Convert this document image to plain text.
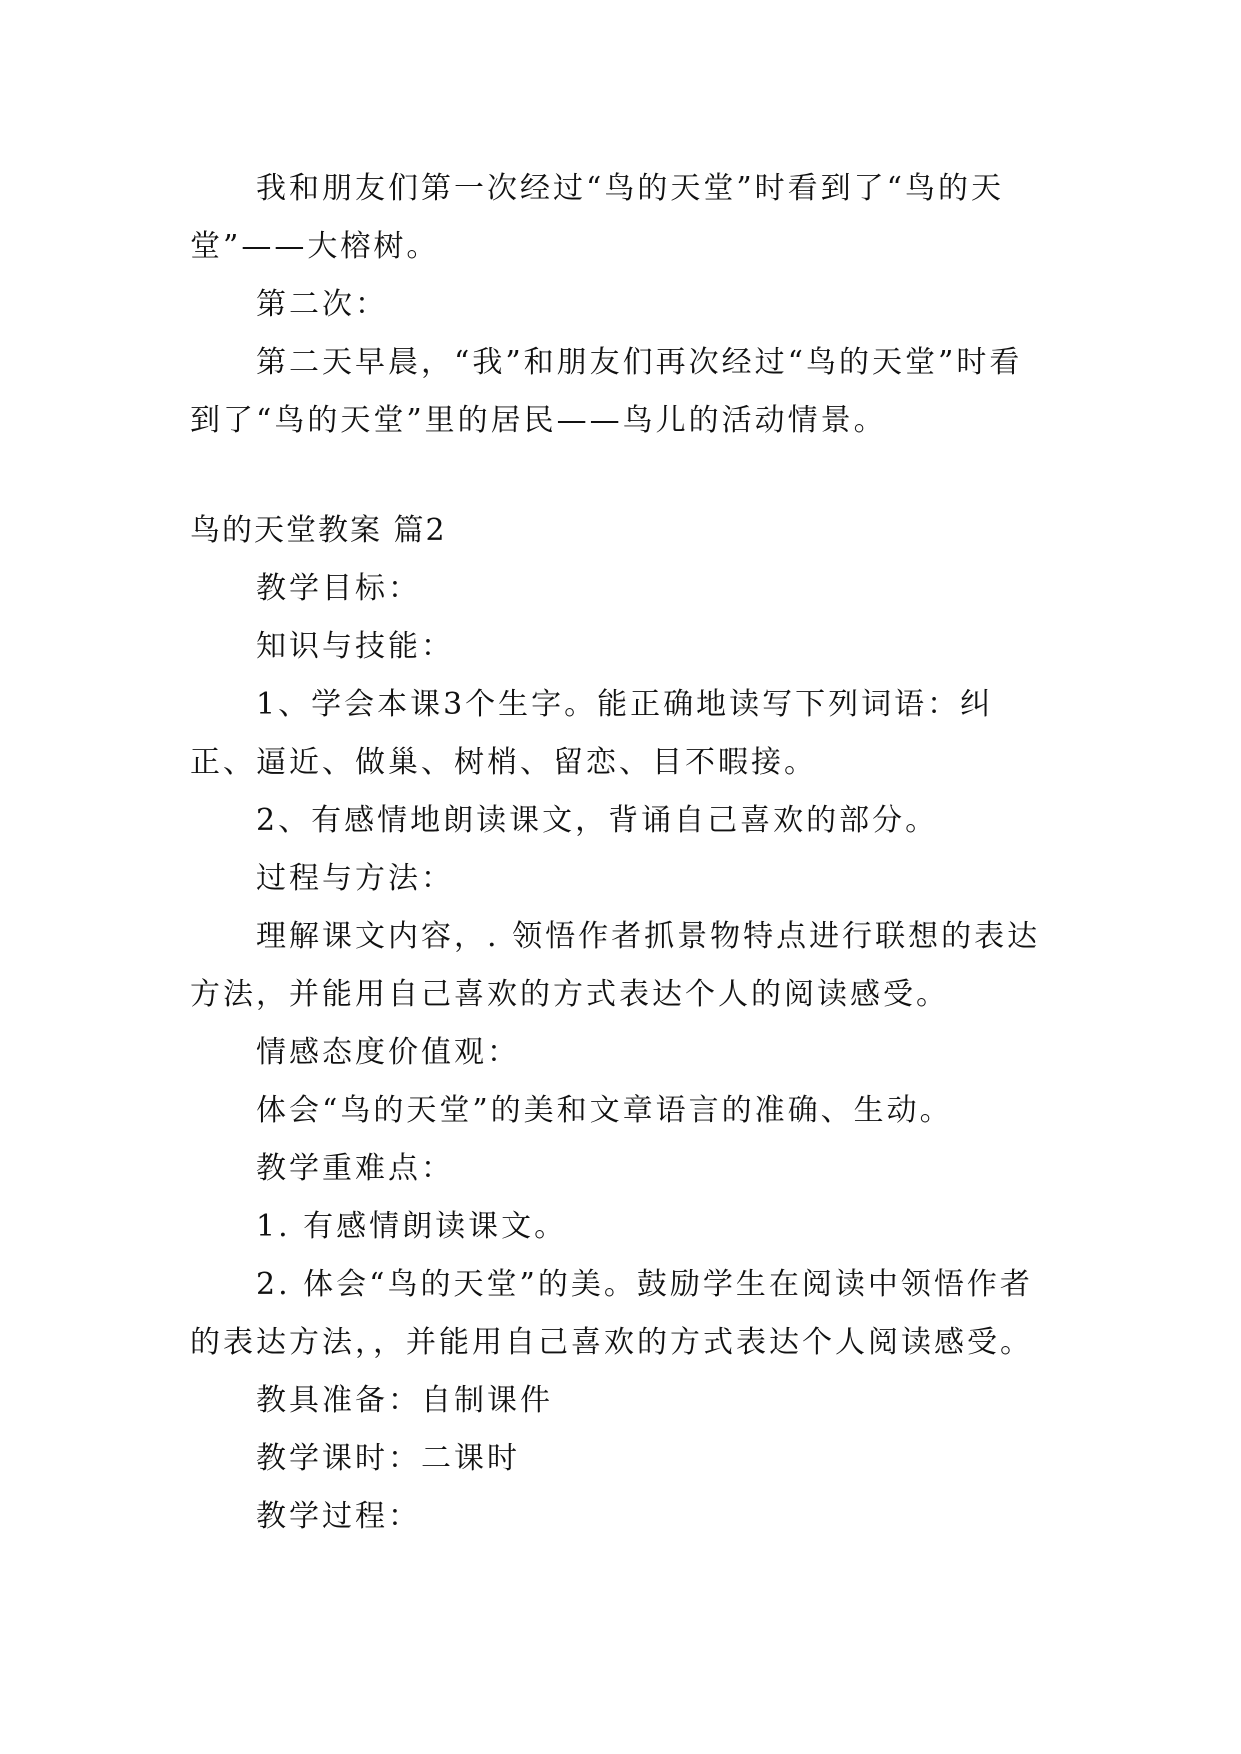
我和朋友们第一次经过“鸟的天堂”时看到了“鸟的天堂”——大榕树。

第二次：

第二天早晨，“我”和朋友们再次经过“鸟的天堂”时看到了“鸟的天堂”里的居民——鸟儿的活动情景。

鸟的天堂教案 篇2

教学目标：

知识与技能：

1、学会本课3个生字。能正确地读写下列词语：纠正、逼近、做巢、树梢、留恋、目不暇接。

2、有感情地朗读课文，背诵自己喜欢的部分。

过程与方法：

理解课文内容，. 领悟作者抓景物特点进行联想的表达方法，并能用自己喜欢的方式表达个人的阅读感受。

情感态度价值观：

体会“鸟的天堂”的美和文章语言的准确、生动。

教学重难点：

1. 有感情朗读课文。

2. 体会“鸟的天堂”的美。鼓励学生在阅读中领悟作者的表达方法，，并能用自己喜欢的方式表达个人阅读感受。

教具准备：自制课件

教学课时：二课时

教学过程：
